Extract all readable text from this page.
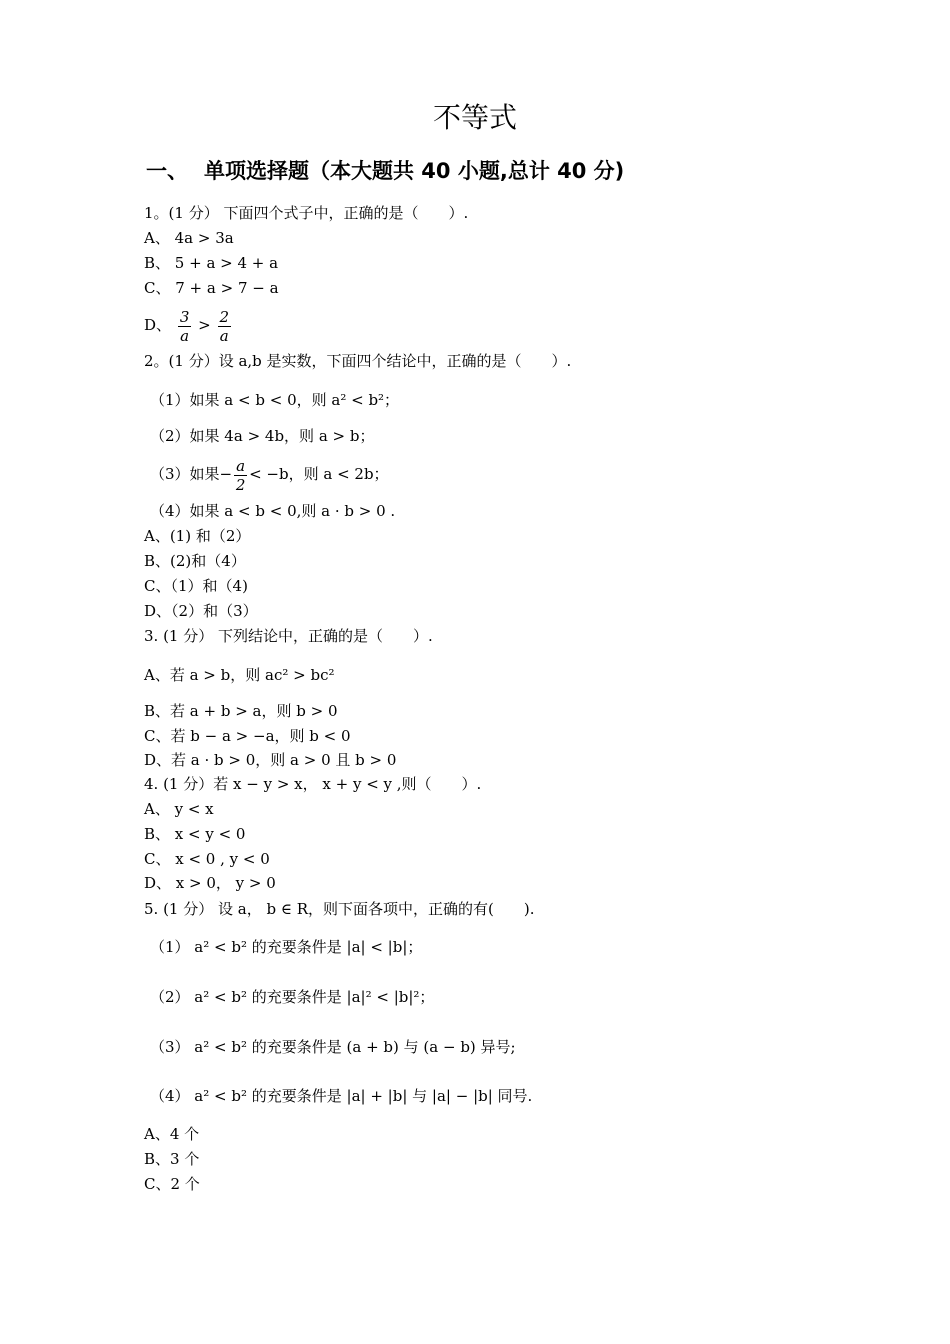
不等式
一、 单项选择题（本大题共 40 小题,总计 40 分)
1。(1 分） 下面四个式子中，正确的是（　　）.
A、 4a > 3a
B、 5 + a > 4 + a
C、 7 + a > 7 − a
D、 $\frac{3}{a} > \frac{2}{a}$
2。(1 分）设 a,b 是实数，下面四个结论中，正确的是（　　）.
（1）如果 a < b < 0，则 a² < b²；
（2）如果 4a > 4b，则 a > b；
（3）如果− $\frac{a}{2} < -b$，则 a < 2b；
（4）如果 a < b < 0,则 a · b > 0 .
A、(1) 和（2）
B、(2)和（4）
C、（1）和（4)
D、（2）和（3）
3. (1 分） 下列结论中，正确的是（　　）.
A、若 a > b，则 ac² > bc²
B、若 a + b > a，则 b > 0
C、若 b − a > −a，则 b < 0
D、若 a · b > 0，则 a > 0 且 b > 0
4. (1 分）若 x − y > x， x + y < y ,则（　　）.
A、 y < x
B、 x < y < 0
C、 x < 0 , y < 0
D、 x > 0， y > 0
5. (1 分） 设 a， b ∈ R，则下面各项中，正确的有(　　).
（1） a² < b² 的充要条件是 |a| < |b|；
（2） a² < b² 的充要条件是 |a|² < |b|²；
（3） a² < b² 的充要条件是 (a + b) 与 (a − b) 异号;
（4） a² < b² 的充要条件是 |a| + |b| 与 |a| − |b| 同号.
A、4 个
B、3 个
C、2 个
